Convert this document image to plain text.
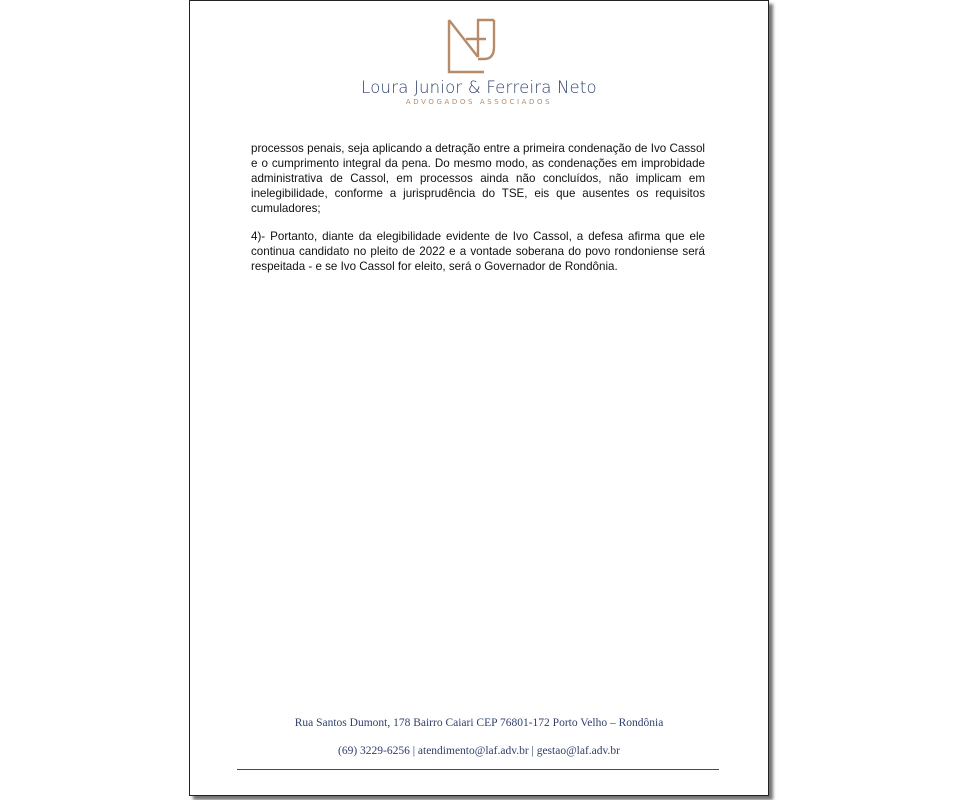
Loura Junior & Ferreira Neto
ADVOGADOS ASSOCIADOS

processos penais, seja aplicando a detração entre a primeira condenação de Ivo Cassol e o cumprimento integral da pena. Do mesmo modo, as condenações em improbidade administrativa de Cassol, em processos ainda não concluídos, não implicam em inelegibilidade, conforme a jurisprudência do TSE, eis que ausentes os requisitos cumuladores;

4)- Portanto, diante da elegibilidade evidente de Ivo Cassol, a defesa afirma que ele continua candidato no pleito de 2022 e a vontade soberana do povo rondoniense será respeitada - e se Ivo Cassol for eleito, será o Governador de Rondônia.

Rua Santos Dumont, 178 Bairro Caiari CEP 76801-172 Porto Velho – Rondônia
(69) 3229-6256 | atendimento@laf.adv.br | gestao@laf.adv.br
